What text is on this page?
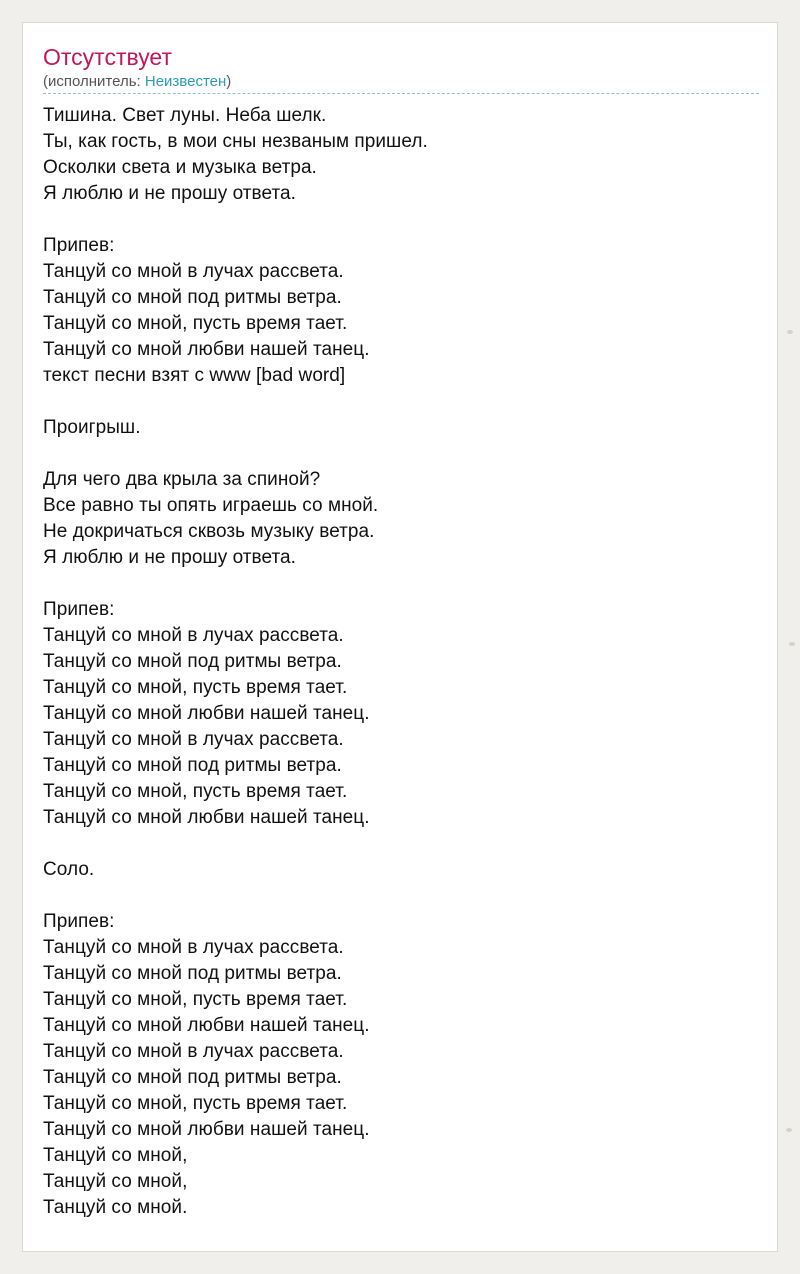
Отсутствует
(исполнитель: Неизвестен)
Тишина. Свет луны. Неба шелк.
Ты, как гость, в мои сны незваным пришел.
Осколки света и музыка ветра.
Я люблю и не прошу ответа.
Припев:
Танцуй со мной в лучах рассвета.
Танцуй со мной под ритмы ветра.
Танцуй со мной, пусть время тает.
Танцуй со мной любви нашей танец.
текст песни взят с www [bad word]
Проигрыш.
Для чего два крыла за спиной?
Все равно ты опять играешь со мной.
Не докричаться сквозь музыку ветра.
Я люблю и не прошу ответа.
Припев:
Танцуй со мной в лучах рассвета.
Танцуй со мной под ритмы ветра.
Танцуй со мной, пусть время тает.
Танцуй со мной любви нашей танец.
Танцуй со мной в лучах рассвета.
Танцуй со мной под ритмы ветра.
Танцуй со мной, пусть время тает.
Танцуй со мной любви нашей танец.
Соло.
Припев:
Танцуй со мной в лучах рассвета.
Танцуй со мной под ритмы ветра.
Танцуй со мной, пусть время тает.
Танцуй со мной любви нашей танец.
Танцуй со мной в лучах рассвета.
Танцуй со мной под ритмы ветра.
Танцуй со мной, пусть время тает.
Танцуй со мной любви нашей танец.
Танцуй со мной,
Танцуй со мной,
Танцуй со мной.
